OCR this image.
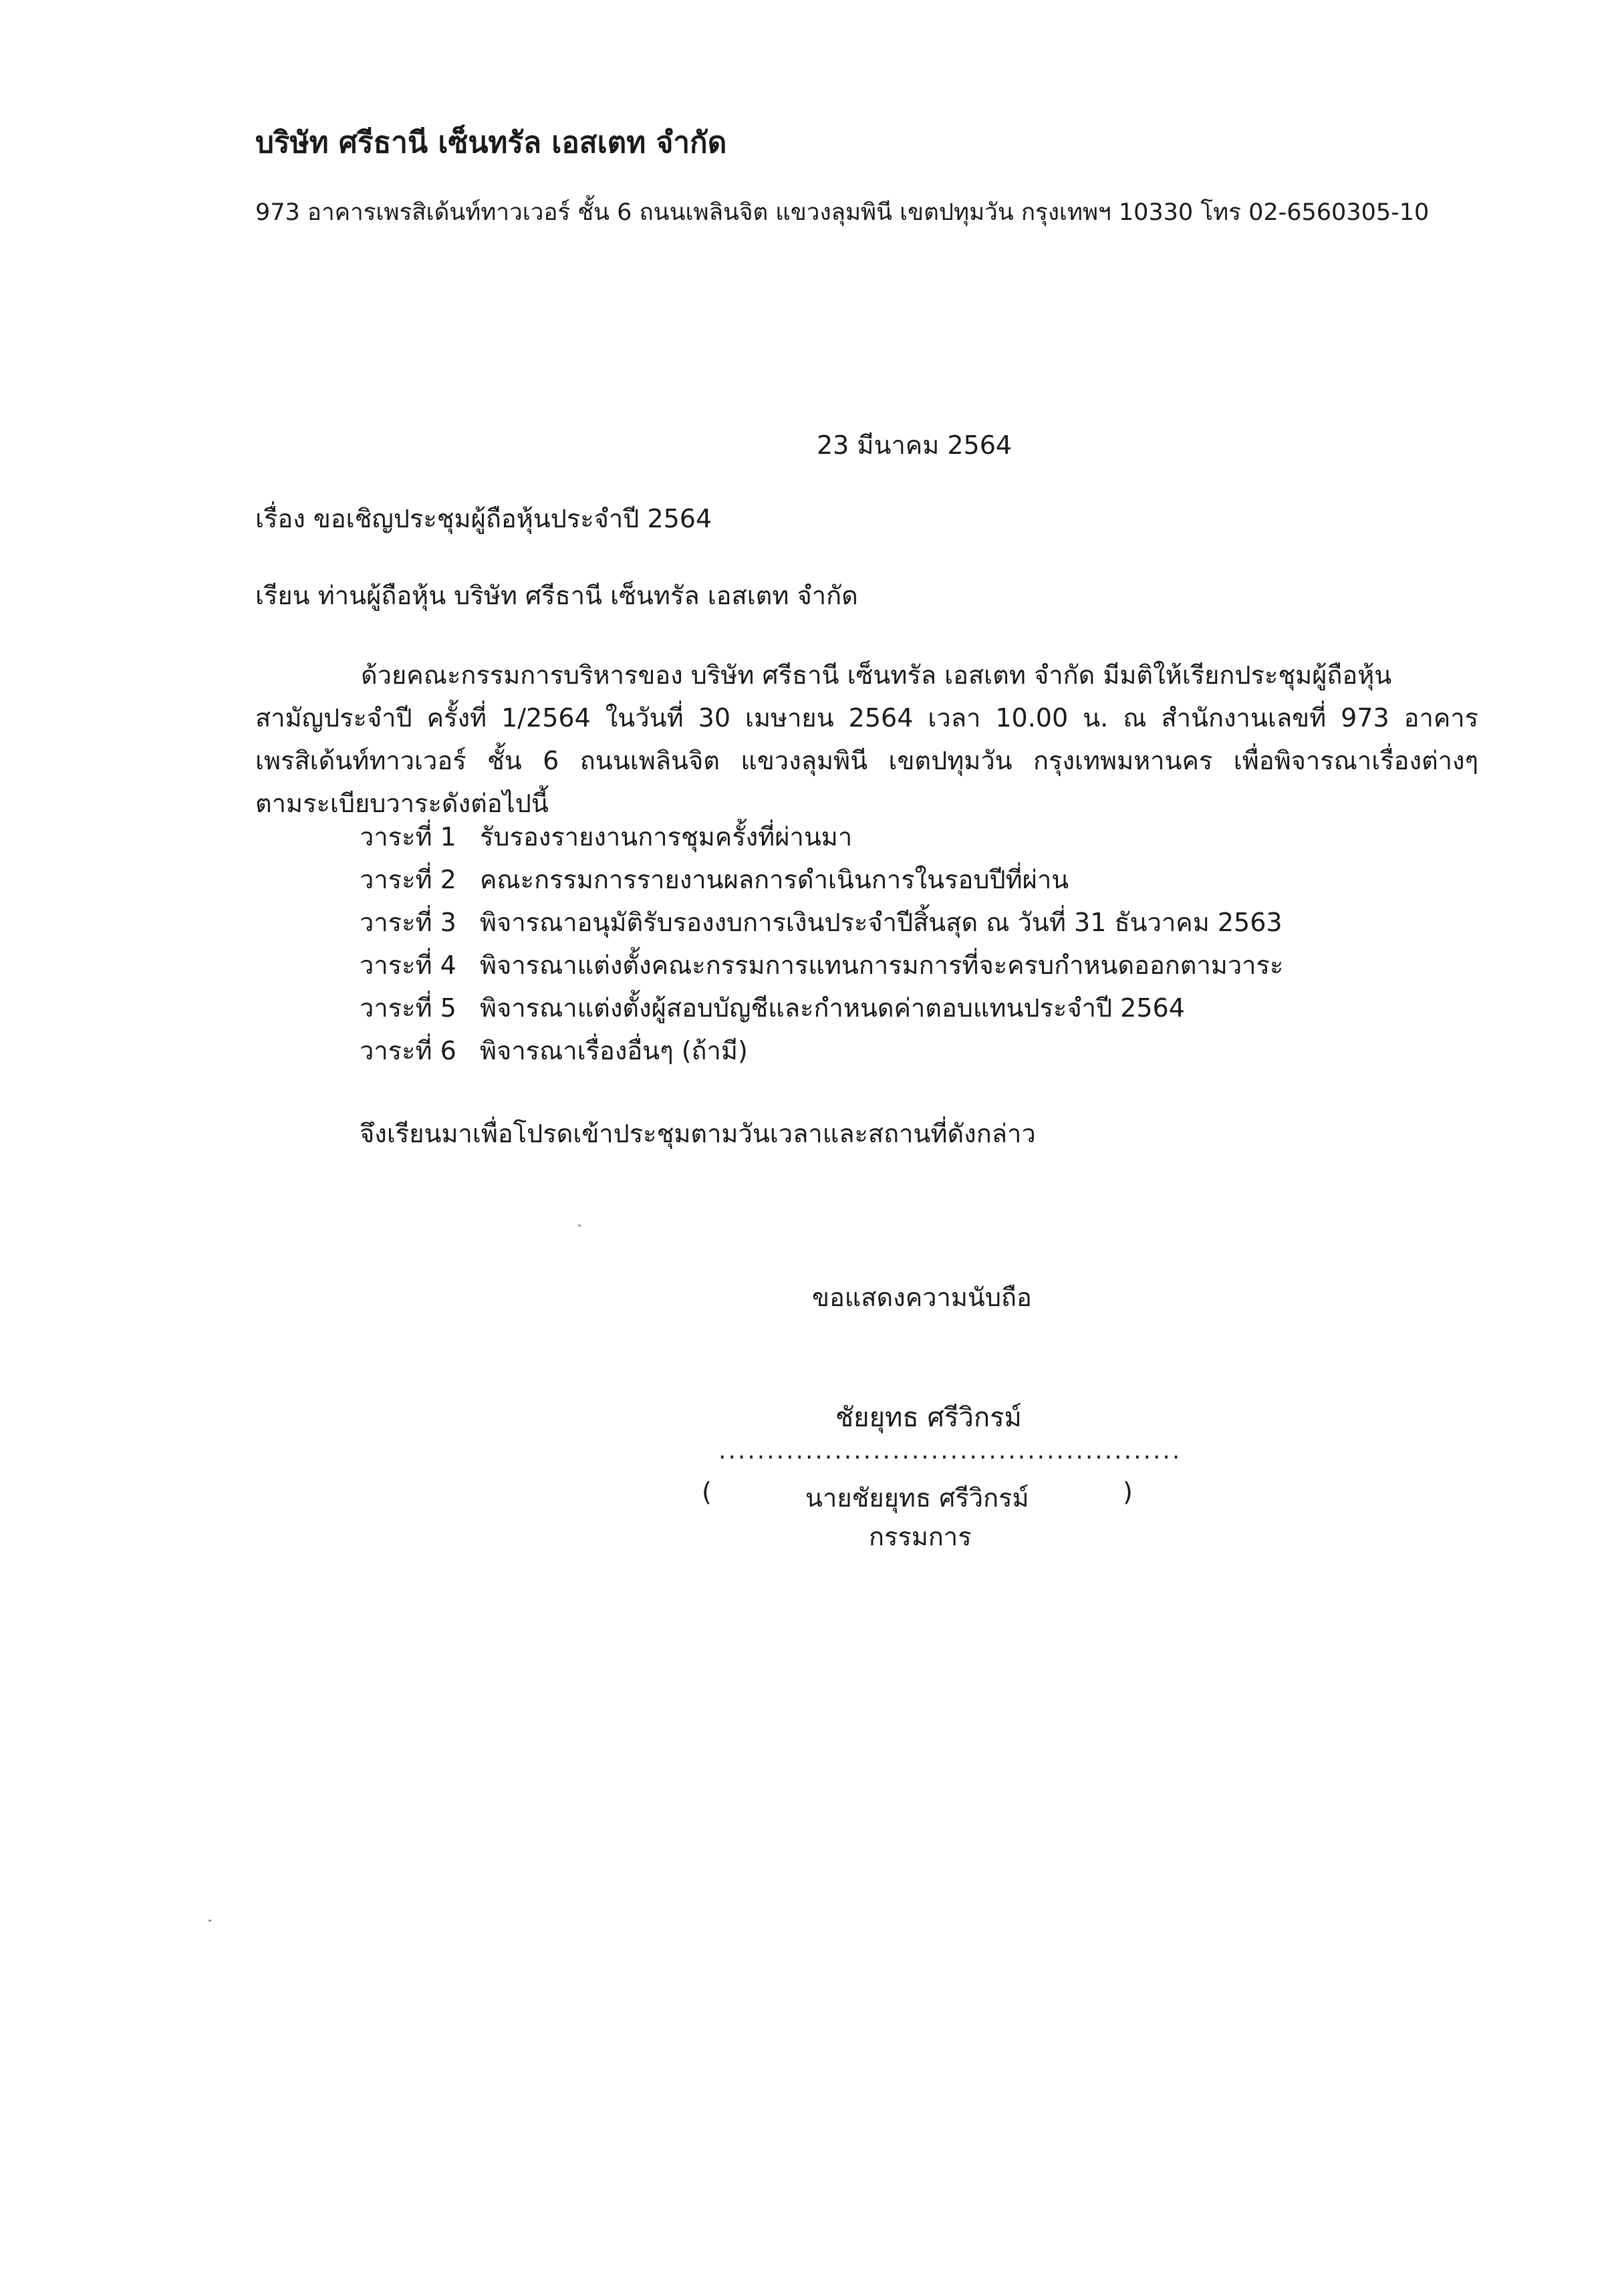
บริษัท ศรีธานี เซ็นทรัล เอสเตท จำกัด
973 อาคารเพรสิเด้นท์ทาวเวอร์ ชั้น 6 ถนนเพลินจิต แขวงลุมพินี เขตปทุมวัน กรุงเทพฯ 10330 โทร 02-6560305-10
23 มีนาคม 2564
เรื่อง ขอเชิญประชุมผู้ถือหุ้นประจำปี 2564
เรียน ท่านผู้ถือหุ้น บริษัท ศรีธานี เซ็นทรัล เอสเตท จำกัด
ด้วยคณะกรรมการบริหารของ บริษัท ศรีธานี เซ็นทรัล เอสเตท จำกัด มีมติให้เรียกประชุมผู้ถือหุ้น
สามัญประจำปี ครั้งที่ 1/2564 ในวันที่ 30 เมษายน 2564 เวลา 10.00 น. ณ สำนักงานเลขที่ 973 อาคาร
เพรสิเด้นท์ทาวเวอร์ ชั้น 6 ถนนเพลินจิต แขวงลุมพินี เขตปทุมวัน กรุงเทพมหานคร เพื่อพิจารณาเรื่องต่างๆ
ตามระเบียบวาระดังต่อไปนี้
วาระที่ 1 รับรองรายงานการชุมครั้งที่ผ่านมา
วาระที่ 2 คณะกรรมการรายงานผลการดำเนินการในรอบปีที่ผ่าน
วาระที่ 3 พิจารณาอนุมัติรับรองงบการเงินประจำปีสิ้นสุด ณ วันที่ 31 ธันวาคม 2563
วาระที่ 4 พิจารณาแต่งตั้งคณะกรรมการแทนการมการที่จะครบกำหนดออกตามวาระ
วาระที่ 5 พิจารณาแต่งตั้งผู้สอบบัญชีและกำหนดค่าตอบแทนประจำปี 2564
วาระที่ 6 พิจารณาเรื่องอื่นๆ (ถ้ามี)
จึงเรียนมาเพื่อโปรดเข้าประชุมตามวันเวลาและสถานที่ดังกล่าว
ขอแสดงความนับถือ
ชัยยุทธ ศรีวิกรม์
................................................
(	นายชัยยุทธ ศรีวิกรม์	)
กรรมการ
